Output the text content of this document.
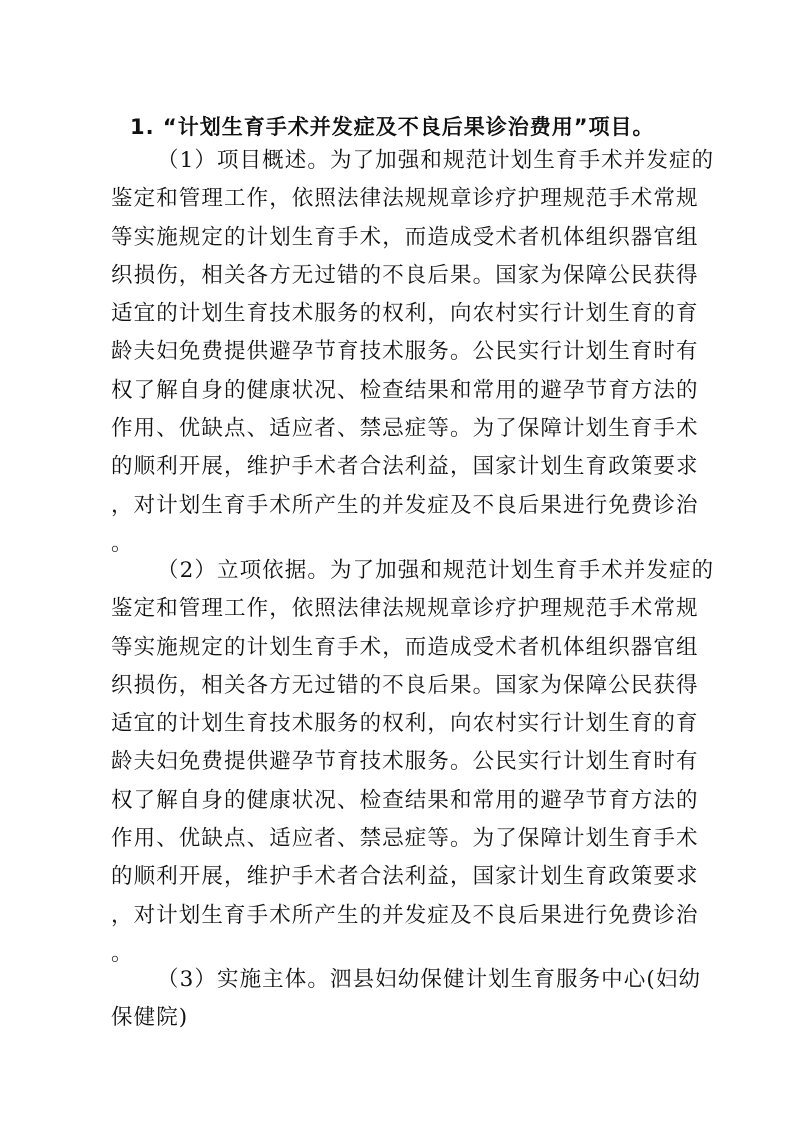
1. “计划生育手术并发症及不良后果诊治费用”项目。
（1）项目概述。为了加强和规范计划生育手术并发症的
鉴定和管理工作，依照法律法规规章诊疗护理规范手术常规
等实施规定的计划生育手术，而造成受术者机体组织器官组
织损伤，相关各方无过错的不良后果。国家为保障公民获得
适宜的计划生育技术服务的权利，向农村实行计划生育的育
龄夫妇免费提供避孕节育技术服务。公民实行计划生育时有
权了解自身的健康状况、检查结果和常用的避孕节育方法的
作用、优缺点、适应者、禁忌症等。为了保障计划生育手术
的顺利开展，维护手术者合法利益，国家计划生育政策要求
，对计划生育手术所产生的并发症及不良后果进行免费诊治
。
（2）立项依据。为了加强和规范计划生育手术并发症的
鉴定和管理工作，依照法律法规规章诊疗护理规范手术常规
等实施规定的计划生育手术，而造成受术者机体组织器官组
织损伤，相关各方无过错的不良后果。国家为保障公民获得
适宜的计划生育技术服务的权利，向农村实行计划生育的育
龄夫妇免费提供避孕节育技术服务。公民实行计划生育时有
权了解自身的健康状况、检查结果和常用的避孕节育方法的
作用、优缺点、适应者、禁忌症等。为了保障计划生育手术
的顺利开展，维护手术者合法利益，国家计划生育政策要求
，对计划生育手术所产生的并发症及不良后果进行免费诊治
。
（3）实施主体。泗县妇幼保健计划生育服务中心(妇幼
保健院)
